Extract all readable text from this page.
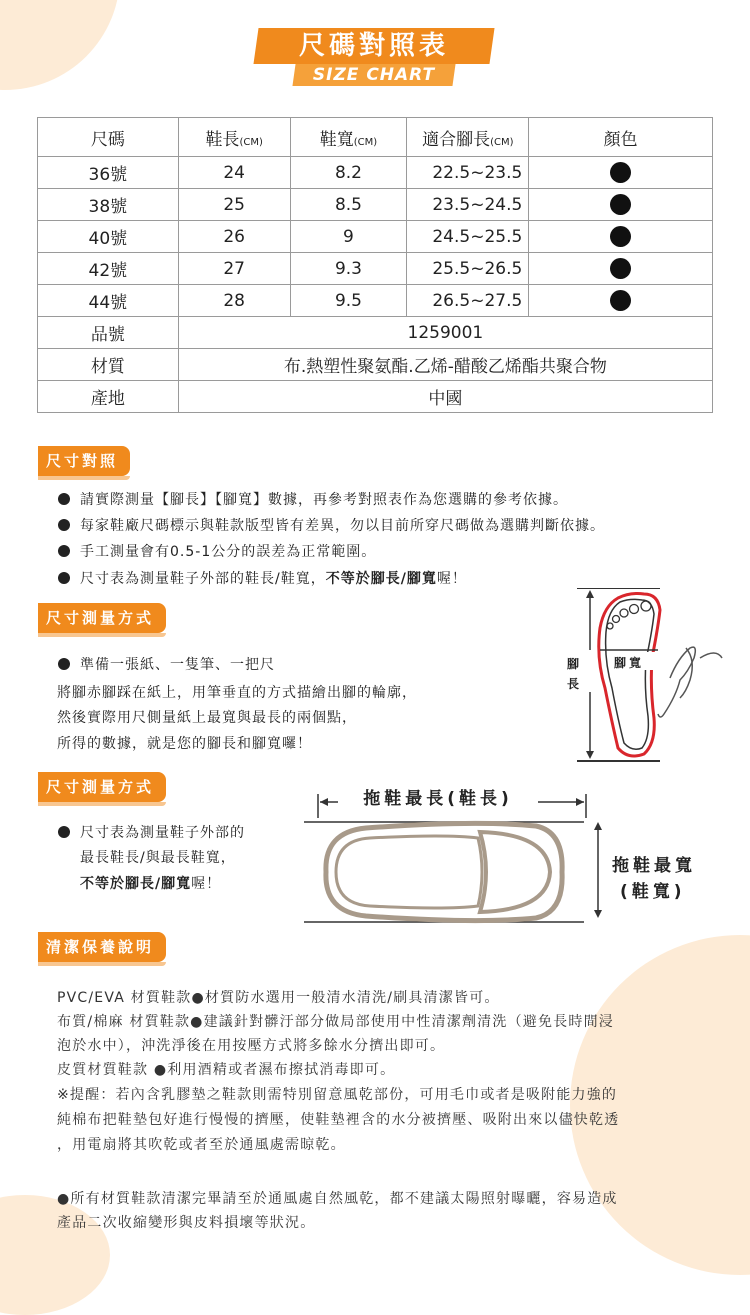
尺碼對照表
SIZE CHART
尺碼	鞋長(CM)	鞋寬(CM)	適合腳長(CM)	顏色
36號	24	8.2	22.5~23.5	
38號	25	8.5	23.5~24.5	
40號	26	9	24.5~25.5	
42號	27	9.3	25.5~26.5	
44號	28	9.5	26.5~27.5	
品號	1259001			
材質	布.熱塑性聚氨酯.乙烯-醋酸乙烯酯共聚合物			
產地	中國			
尺寸對照
請實際測量【腳長】【腳寬】數據，再參考對照表作為您選購的參考依據。
每家鞋廠尺碼標示與鞋款版型皆有差異，勿以目前所穿尺碼做為選購判斷依據。
手工測量會有0.5-1公分的誤差為正常範圍。
尺寸表為測量鞋子外部的鞋長/鞋寬，不等於腳長/腳寬喔！
尺寸測量方式
準備一張紙、一隻筆、一把尺
將腳赤腳踩在紙上，用筆垂直的方式描繪出腳的輪廓，
然後實際用尺側量紙上最寬與最長的兩個點，
所得的數據，就是您的腳長和腳寬囉！
腳長
腳寬
尺寸測量方式
尺寸表為測量鞋子外部的
最長鞋長/與最長鞋寬，
不等於腳長/腳寬喔！
拖鞋最長(鞋長)
拖鞋最寬
(鞋寬)
清潔保養說明
PVC/EVA 材質鞋款●材質防水選用一般清水清洗/刷具清潔皆可。
布質/棉麻 材質鞋款●建議針對髒汙部分做局部使用中性清潔劑清洗（避免長時間浸
泡於水中），沖洗淨後在用按壓方式將多餘水分擠出即可。
皮質材質鞋款 ●利用酒精或者濕布擦拭消毒即可。
※提醒：若內含乳膠墊之鞋款則需特別留意風乾部份，可用毛巾或者是吸附能力強的
純棉布把鞋墊包好進行慢慢的擠壓，使鞋墊裡含的水分被擠壓、吸附出來以儘快乾透
，用電扇將其吹乾或者至於通風處需晾乾。
●所有材質鞋款清潔完畢請至於通風處自然風乾，都不建議太陽照射曝曬，容易造成
產品二次收縮變形與皮料損壞等狀況。
